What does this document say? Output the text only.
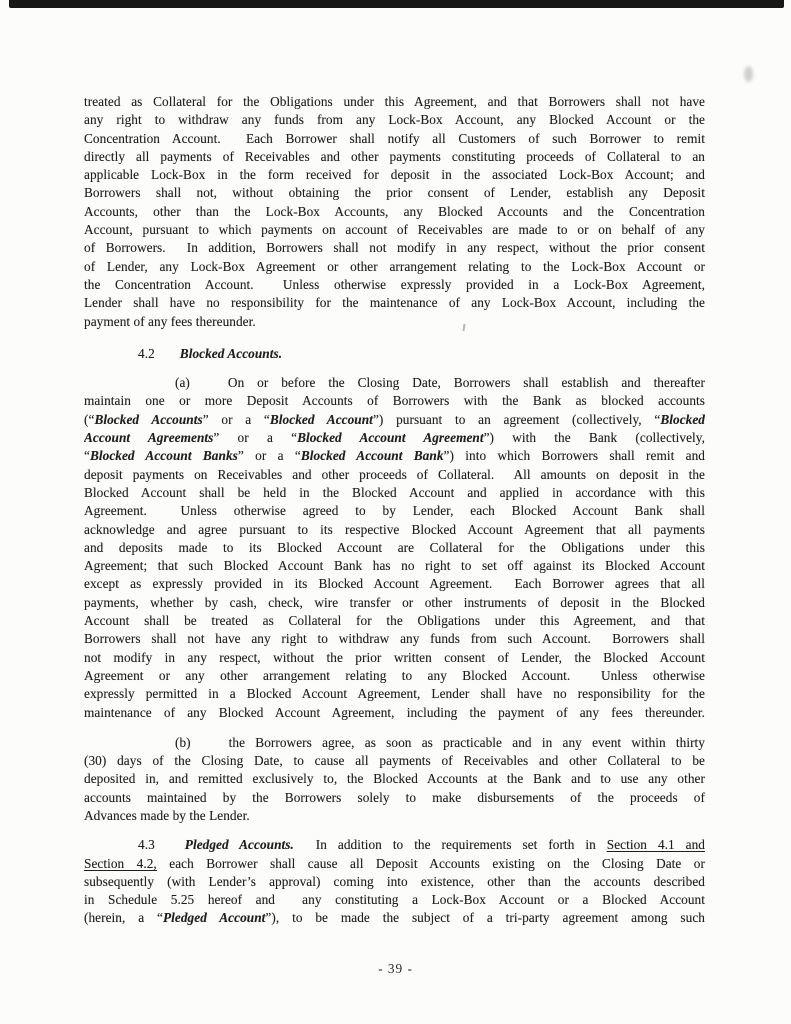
treated as Collateral for the Obligations under this Agreement, and that Borrowers shall not have
any right to withdraw any funds from any Lock-Box Account, any Blocked Account or the
Concentration Account.  Each Borrower shall notify all Customers of such Borrower to remit
directly all payments of Receivables and other payments constituting proceeds of Collateral to an
applicable Lock-Box in the form received for deposit in the associated Lock-Box Account; and
Borrowers shall not, without obtaining the prior consent of Lender, establish any Deposit
Accounts, other than the Lock-Box Accounts, any Blocked Accounts and the Concentration
Account, pursuant to which payments on account of Receivables are made to or on behalf of any
of Borrowers.  In addition, Borrowers shall not modify in any respect, without the prior consent
of Lender, any Lock-Box Agreement or other arrangement relating to the Lock-Box Account or
the Concentration Account.  Unless otherwise expressly provided in a Lock-Box Agreement,
Lender shall have no responsibility for the maintenance of any Lock-Box Account, including the
payment of any fees thereunder.
4.2 Blocked Accounts.
(a)	On or before the Closing Date, Borrowers shall establish and thereafter
maintain one or more Deposit Accounts of Borrowers with the Bank as blocked accounts
(“Blocked Accounts” or a “Blocked Account”) pursuant to an agreement (collectively, “Blocked
Account Agreements” or a “Blocked Account Agreement”) with the Bank (collectively,
“Blocked Account Banks” or a “Blocked Account Bank”) into which Borrowers shall remit and
deposit payments on Receivables and other proceeds of Collateral.  All amounts on deposit in the
Blocked Account shall be held in the Blocked Account and applied in accordance with this
Agreement.  Unless otherwise agreed to by Lender, each Blocked Account Bank shall
acknowledge and agree pursuant to its respective Blocked Account Agreement that all payments
and deposits made to its Blocked Account are Collateral for the Obligations under this
Agreement; that such Blocked Account Bank has no right to set off against its Blocked Account
except as expressly provided in its Blocked Account Agreement.  Each Borrower agrees that all
payments, whether by cash, check, wire transfer or other instruments of deposit in the Blocked
Account shall be treated as Collateral for the Obligations under this Agreement, and that
Borrowers shall not have any right to withdraw any funds from such Account.  Borrowers shall
not modify in any respect, without the prior written consent of Lender, the Blocked Account
Agreement or any other arrangement relating to any Blocked Account.  Unless otherwise
expressly permitted in a Blocked Account Agreement, Lender shall have no responsibility for the
maintenance of any Blocked Account Agreement, including the payment of any fees thereunder.
(b)	the Borrowers agree, as soon as practicable and in any event within thirty
(30) days of the Closing Date, to cause all payments of Receivables and other Collateral to be
deposited in, and remitted exclusively to, the Blocked Accounts at the Bank and to use any other
accounts maintained by the Borrowers solely to make disbursements of the proceeds of
Advances made by the Lender.
4.3 Pledged Accounts.  In addition to the requirements set forth in Section 4.1 and
Section 4.2, each Borrower shall cause all Deposit Accounts existing on the Closing Date or
subsequently (with Lender’s approval) coming into existence, other than the accounts described
in Schedule 5.25 hereof and  any constituting a Lock-Box Account or a Blocked Account
(herein, a “Pledged Account”), to be made the subject of a tri-party agreement among such
- 39 -
